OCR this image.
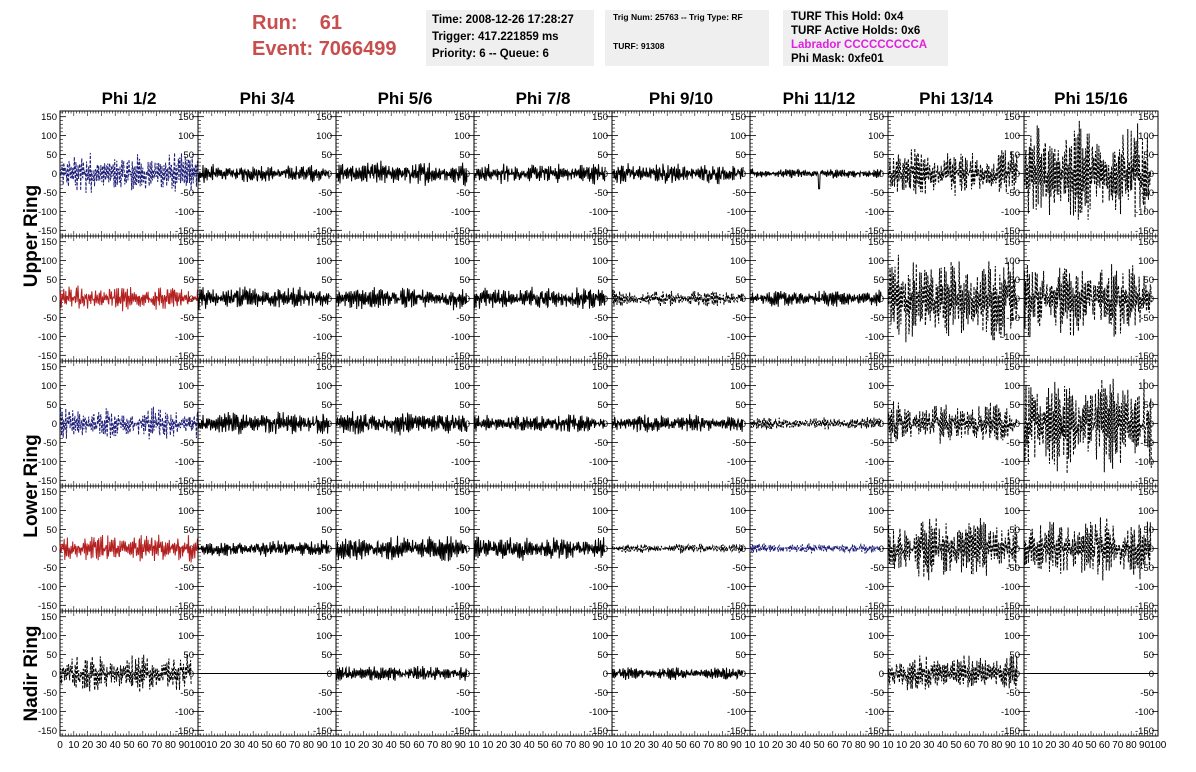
Run: 61
Event: 7066499
Time: 2008-12-26 17:28:27
Trigger: 417.221859 ms
Priority: 6 -- Queue: 6
Trig Num: 25763 -- Trig Type: RF
TURF: 91308
TURF This Hold: 0x4
TURF Active Holds: 0x6
Labrador CCCCCCCCCA
Phi Mask: 0xfe01
Phi 1/2	Phi 3/4	Phi 5/6	Phi 7/8	Phi 9/10	Phi 11/12	Phi 13/14	Phi 15/16
Upper Ring
Lower Ring
Nadir Ring
-150	-150
-100	-100
-50	-50
0	0
50	50
100	100
150	150
-150
-100
-50
0
50
100
150
-150
-100
-50
0
50
100
150
-150
-100
-50
0
50
100
150
-150
-100
-50
0
50
100
150
-150
-100
-50
0
50
100
150
-150
-100
-50
0
50
100
150
-150
-100
-50
0
50
100
150
-150	-150
-100	-100
-50	-50
0	0
50	50
100	100
150	150
-150
-100
-50
0
50
100
150
-150
-100
-50
0
50
100
150
-150
-100
-50
0
50
100
150
-150
-100
-50
0
50
100
150
-150
-100
-50
0
50
100
150
-150
-100
-50
0
50
100
150
-150
-100
-50
0
50
100
150
-150	-150
-100	-100
-50	-50
0	0
50	50
100	100
150	150
-150
-100
-50
0
50
100
150
-150
-100
-50
0
50
100
150
-150
-100
-50
0
50
100
150
-150
-100
-50
0
50
100
150
-150
-100
-50
0
50
100
150
-150
-100
-50
0
50
100
150
-150
-100
-50
0
50
100
150
-150	-150
-100	-100
-50	-50
0	0
50	50
100	100
150	150
-150
-100
-50
0
50
100
150
-150
-100
-50
0
50
100
150
-150
-100
-50
0
50
100
150
-150
-100
-50
0
50
100
150
-150
-100
-50
0
50
100
150
-150
-100
-50
0
50
100
150
-150
-100
-50
0
50
100
150
-150	-150
-100	-100
-50	-50
0	0
50	50
100	100
150	150
-150
-100
-50
0
50
100
150
-150
-100
-50
0
50
100
150
-150
-100
-50
0
50
100
150
-150
-100
-50
0
50
100
150
-150
-100
-50
0
50
100
150
-150
-100
-50
0
50
100
150
-150
-100
-50
0
50
100
150
0 10 20 30 40 50 60 70 80 90 100 10 20 30 40 50 60 70 80 90 10 10 20 30 40 50 60 70 80 90 10 10 20 30 40 50 60 70 80 90 10 10 20 30 40 50 60 70 80 90 10 10 20 30 40 50 60 70 80 90 10 10 20 30 40 50 60 70 80 90 10 10 20 30 40 50 60 70 80 90 100
